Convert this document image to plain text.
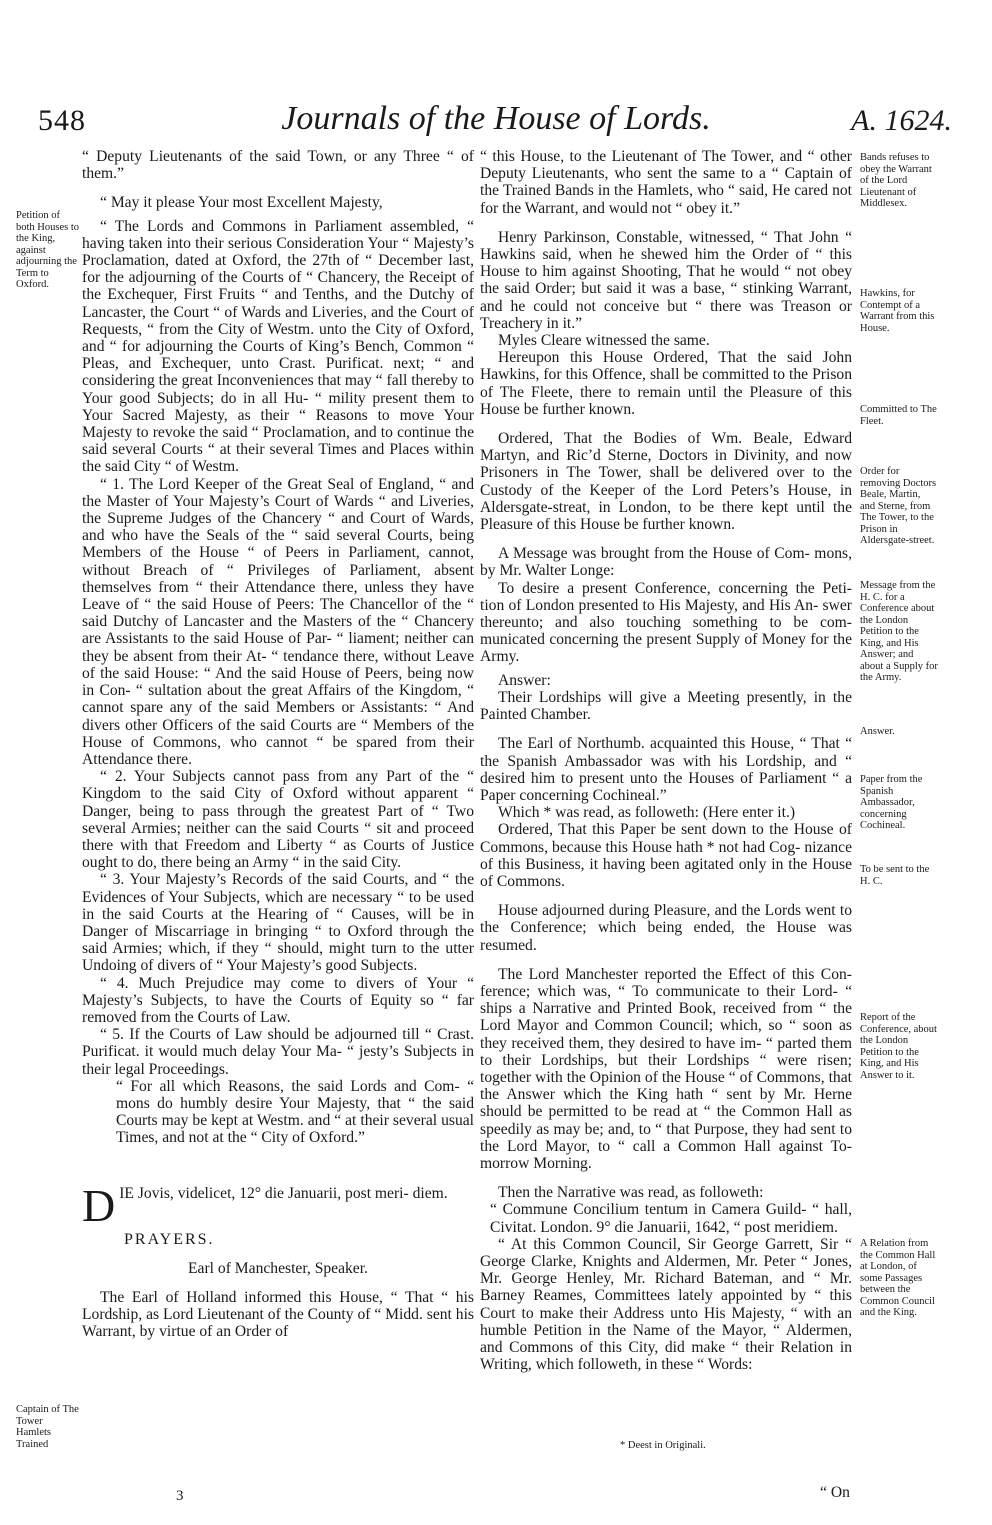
548	Journals of the House of Lords.	A. 1624.
Petition of both Houses to the King, against adjourning the Term to Oxford.
Captain of The Tower Hamlets Trained

“ Deputy Lieutenants of the said Town, or any Three “ of them.”

“ May it please Your most Excellent Majesty,

“ The Lords and Commons in Parliament assembled, “ having taken into their serious Consideration Your “ Majesty’s Proclamation, dated at Oxford, the 27th of “ December last, for the adjourning of the Courts of “ Chancery, the Receipt of the Exchequer, First Fruits “ and Tenths, and the Dutchy of Lancaster, the Court “ of Wards and Liveries, and the Court of Requests, “ from the City of Westm. unto the City of Oxford, and “ for adjourning the Courts of King’s Bench, Common “ Pleas, and Exchequer, unto Crast. Purificat. next; “ and considering the great Inconveniences that may “ fall thereby to Your good Subjects; do in all Hu- “ mility present them to Your Sacred Majesty, as their “ Reasons to move Your Majesty to revoke the said “ Proclamation, and to continue the said several Courts “ at their several Times and Places within the said City “ of Westm.

“ 1. The Lord Keeper of the Great Seal of England, “ and the Master of Your Majesty’s Court of Wards “ and Liveries, the Supreme Judges of the Chancery “ and Court of Wards, and who have the Seals of the “ said several Courts, being Members of the House “ of Peers in Parliament, cannot, without Breach of “ Privileges of Parliament, absent themselves from “ their Attendance there, unless they have Leave of “ the said House of Peers: The Chancellor of the “ said Dutchy of Lancaster and the Masters of the “ Chancery are Assistants to the said House of Par- “ liament; neither can they be absent from their At- “ tendance there, without Leave of the said House: “ And the said House of Peers, being now in Con- “ sultation about the great Affairs of the Kingdom, “ cannot spare any of the said Members or Assistants: “ And divers other Officers of the said Courts are “ Members of the House of Commons, who cannot “ be spared from their Attendance there.

“ 2. Your Subjects cannot pass from any Part of the “ Kingdom to the said City of Oxford without apparent “ Danger, being to pass through the greatest Part of “ Two several Armies; neither can the said Courts “ sit and proceed there with that Freedom and Liberty “ as Courts of Justice ought to do, there being an Army “ in the said City.

“ 3. Your Majesty’s Records of the said Courts, and “ the Evidences of Your Subjects, which are necessary “ to be used in the said Courts at the Hearing of “ Causes, will be in Danger of Miscarriage in bringing “ to Oxford through the said Armies; which, if they “ should, might turn to the utter Undoing of divers of “ Your Majesty’s good Subjects.

“ 4. Much Prejudice may come to divers of Your “ Majesty’s Subjects, to have the Courts of Equity so “ far removed from the Courts of Law.

“ 5. If the Courts of Law should be adjourned till “ Crast. Purificat. it would much delay Your Ma- “ jesty’s Subjects in their legal Proceedings.

“ For all which Reasons, the said Lords and Com- “ mons do humbly desire Your Majesty, that “ the said Courts may be kept at Westm. and “ at their several usual Times, and not at the “ City of Oxford.”

D IE Jovis, videlicet, 12° die Januarii, post meri- diem.

PRAYERS.

Earl of Manchester, Speaker.

The Earl of Holland informed this House, “ That “ his Lordship, as Lord Lieutenant of the County of “ Midd. sent his Warrant, by virtue of an Order of

“ this House, to the Lieutenant of The Tower, and “ other Deputy Lieutenants, who sent the same to a “ Captain of the Trained Bands in the Hamlets, who “ said, He cared not for the Warrant, and would not “ obey it.”

Henry Parkinson, Constable, witnessed, “ That John “ Hawkins said, when he shewed him the Order of “ this House to him against Shooting, That he would “ not obey the said Order; but said it was a base, “ stinking Warrant, and he could not conceive but “ there was Treason or Treachery in it.”

Myles Cleare witnessed the same.

Hereupon this House Ordered, That the said John Hawkins, for this Offence, shall be committed to the Prison of The Fleete, there to remain until the Pleasure of this House be further known.

Ordered, That the Bodies of Wm. Beale, Edward Martyn, and Ric’d Sterne, Doctors in Divinity, and now Prisoners in The Tower, shall be delivered over to the Custody of the Keeper of the Lord Peters’s House, in Aldersgate-streat, in London, to be there kept until the Pleasure of this House be further known.

A Message was brought from the House of Com- mons, by Mr. Walter Longe:

To desire a present Conference, concerning the Peti- tion of London presented to His Majesty, and His An- swer thereunto; and also touching something to be com- municated concerning the present Supply of Money for the Army.

Answer:

Their Lordships will give a Meeting presently, in the Painted Chamber.

The Earl of Northumb. acquainted this House, “ That “ the Spanish Ambassador was with his Lordship, and “ desired him to present unto the Houses of Parliament “ a Paper concerning Cochineal.”

Which * was read, as followeth: (Here enter it.)

Ordered, That this Paper be sent down to the House of Commons, because this House hath * not had Cog- nizance of this Business, it having been agitated only in the House of Commons.

House adjourned during Pleasure, and the Lords went to the Conference; which being ended, the House was resumed.

The Lord Manchester reported the Effect of this Con- ference; which was, “ To communicate to their Lord- “ ships a Narrative and Printed Book, received from “ the Lord Mayor and Common Council; which, so “ soon as they received them, they desired to have im- “ parted them to their Lordships, but their Lordships “ were risen; together with the Opinion of the House “ of Commons, that the Answer which the King hath “ sent by Mr. Herne should be permitted to be read at “ the Common Hall as speedily as may be; and, to “ that Purpose, they had sent to the Lord Mayor, to “ call a Common Hall against To-morrow Morning.

Then the Narrative was read, as followeth:

“ Commune Concilium tentum in Camera Guild- “ hall, Civitat. London. 9° die Januarii, 1642, “ post meridiem.

“ At this Common Council, Sir George Garrett, Sir “ George Clarke, Knights and Aldermen, Mr. Peter “ Jones, Mr. George Henley, Mr. Richard Bateman, and “ Mr. Barney Reames, Committees lately appointed by “ this Court to make their Address unto His Majesty, “ with an humble Petition in the Name of the Mayor, “ Aldermen, and Commons of this City, did make “ their Relation in Writing, which followeth, in these “ Words:

Bands refuses to obey the Warrant of the Lord Lieutenant of Middlesex.
Hawkins, for Contempt of a Warrant from this House.
Committed to The Fleet.
Order for removing Doctors Beale, Martin, and Sterne, from The Tower, to the Prison in Aldersgate-street.
Message from the H. C. for a Conference about the London Petition to the King, and His Answer; and about a Supply for the Army.
Answer.
Paper from the Spanish Ambassador, concerning Cochineal.
To be sent to the H. C.
Report of the Conference, about the London Petition to the King, and His Answer to it.
A Relation from the Common Hall at London, of some Passages between the Common Council and the King.
* Deest in Originali.
3	“ On
